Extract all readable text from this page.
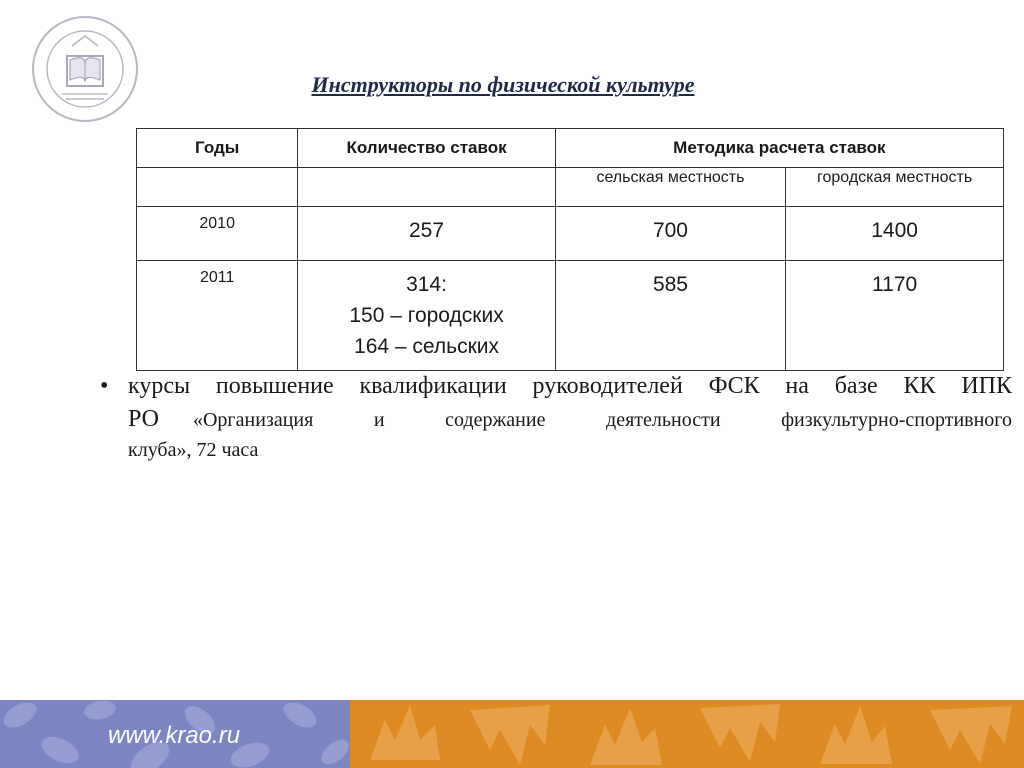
Инструкторы по физической культуре
Годы	Количество ставок	Методика расчета ставок	
		сельская местность	городская местность
2010	257	700	1400
2011	314:
150 – городских
164 – сельских	585	1170
• курсы повышение квалификации руководителей ФСК на базе КК ИПК
РО «Организация и содержание деятельности физкультурно-спортивного
клуба», 72 часа
www.krao.ru
